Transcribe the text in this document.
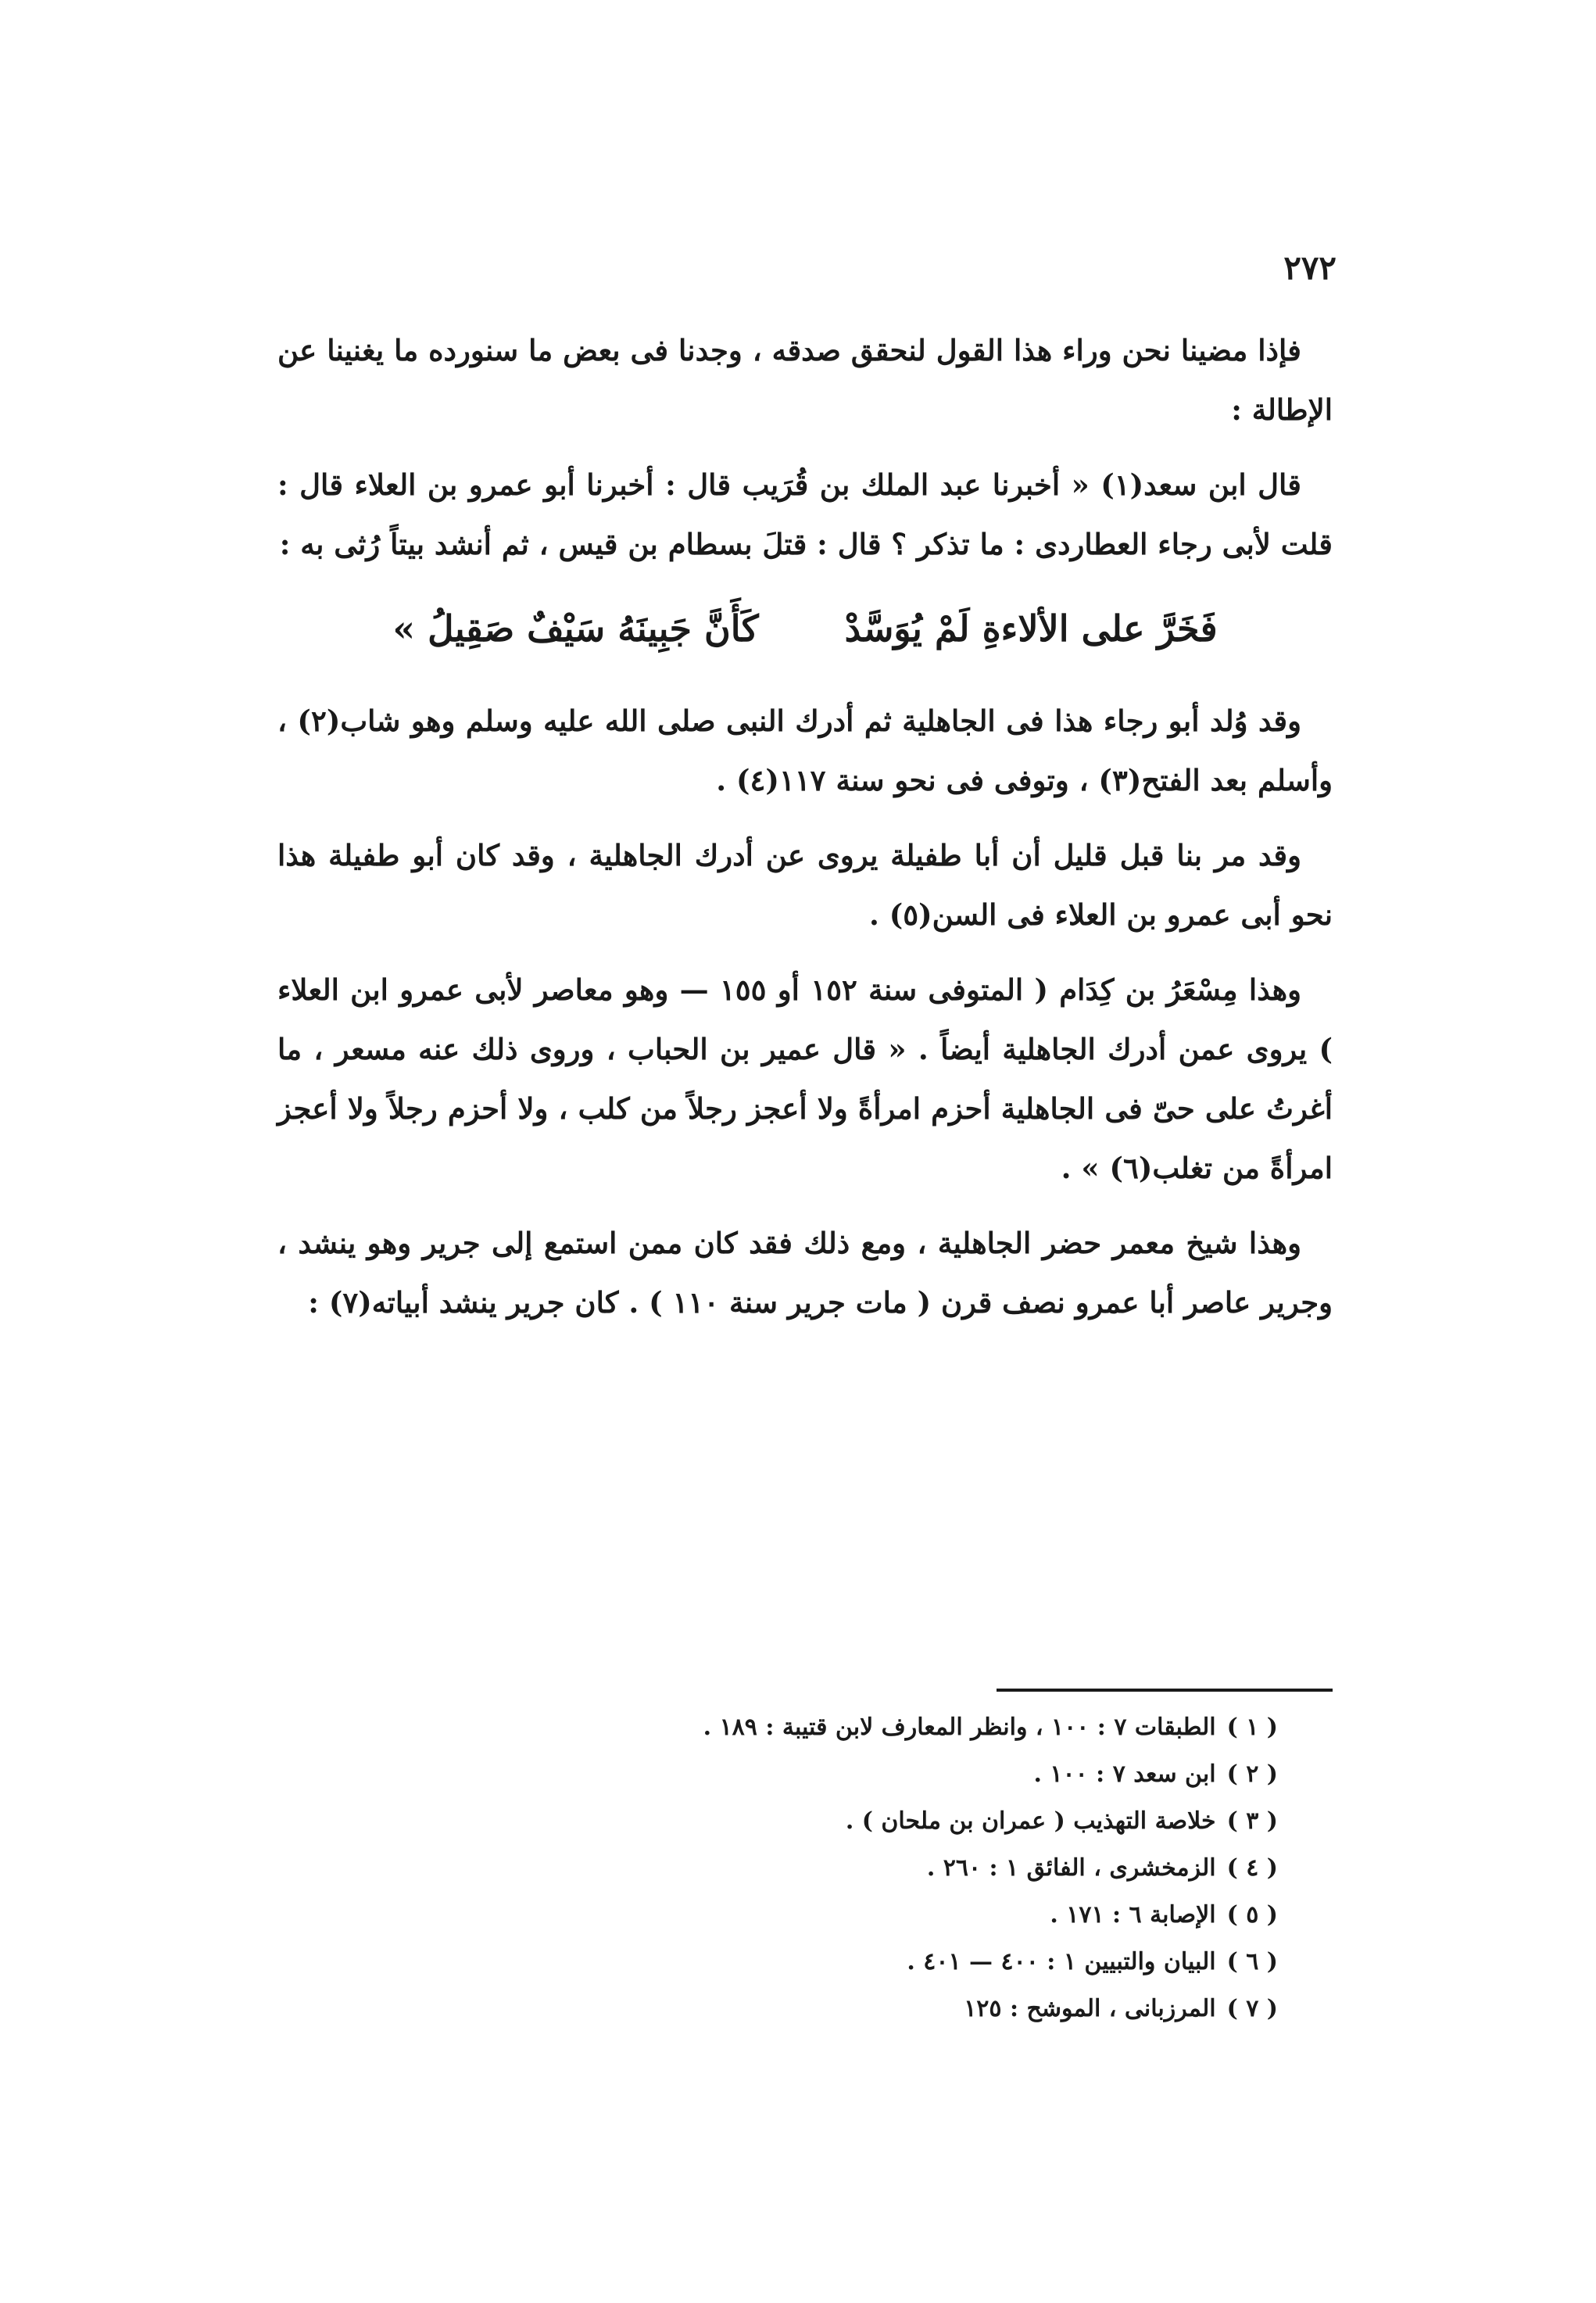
٢٧٢

فإذا مضينا نحن وراء هذا القول لنحقق صدقه ، وجدنا فى بعض ما سنورده ما يغنينا عن الإطالة :

قال ابن سعد(١) « أخبرنا عبد الملك بن قُرَيب قال : أخبرنا أبو عمرو بن العلاء قال : قلت لأبى رجاء العطاردى : ما تذكر ؟ قال : قتلَ بسطام بن قيس ، ثم أنشد بيتاً رُثى به :

فَخَرَّ على الألاءةِ لَمْ يُوَسَّدْ
كَأَنَّ جَبِينَهُ سَيْفٌ صَقِيلُ »

وقد وُلد أبو رجاء هذا فى الجاهلية ثم أدرك النبى صلى الله عليه وسلم وهو شاب(٢) ، وأسلم بعد الفتح(٣) ، وتوفى فى نحو سنة ١١٧(٤) .

وقد مر بنا قبل قليل أن أبا طفيلة يروى عن أدرك الجاهلية ، وقد كان أبو طفيلة هذا نحو أبى عمرو بن العلاء فى السن(٥) .

وهذا مِسْعَرُ بن كِدَام ( المتوفى سنة ١٥٢ أو ١٥٥ — وهو معاصر لأبى عمرو ابن العلاء ) يروى عمن أدرك الجاهلية أيضاً . « قال عمير بن الحباب ، وروى ذلك عنه مسعر ، ما أغرتُ على حىّ فى الجاهلية أحزم امرأةً ولا أعجز رجلاً من كلب ، ولا أحزم رجلاً ولا أعجز امرأةً من تغلب(٦) » .

وهذا شيخ معمر حضر الجاهلية ، ومع ذلك فقد كان ممن استمع إلى جرير وهو ينشد ، وجرير عاصر أبا عمرو نصف قرن ( مات جرير سنة ١١٠ ) . كان جرير ينشد أبياته(٧) :

( ١ )الطبقات ٧ : ١٠٠ ، وانظر المعارف لابن قتيبة : ١٨٩ .
( ٢ )ابن سعد ٧ : ١٠٠ .
( ٣ )خلاصة التهذيب ( عمران بن ملحان ) .
( ٤ )الزمخشرى ، الفائق ١ : ٢٦٠ .
( ٥ )الإصابة ٦ : ١٧١ .
( ٦ )البيان والتبيين ١ : ٤٠٠ — ٤٠١ .
( ٧ )المرزبانى ، الموشح : ١٢٥
